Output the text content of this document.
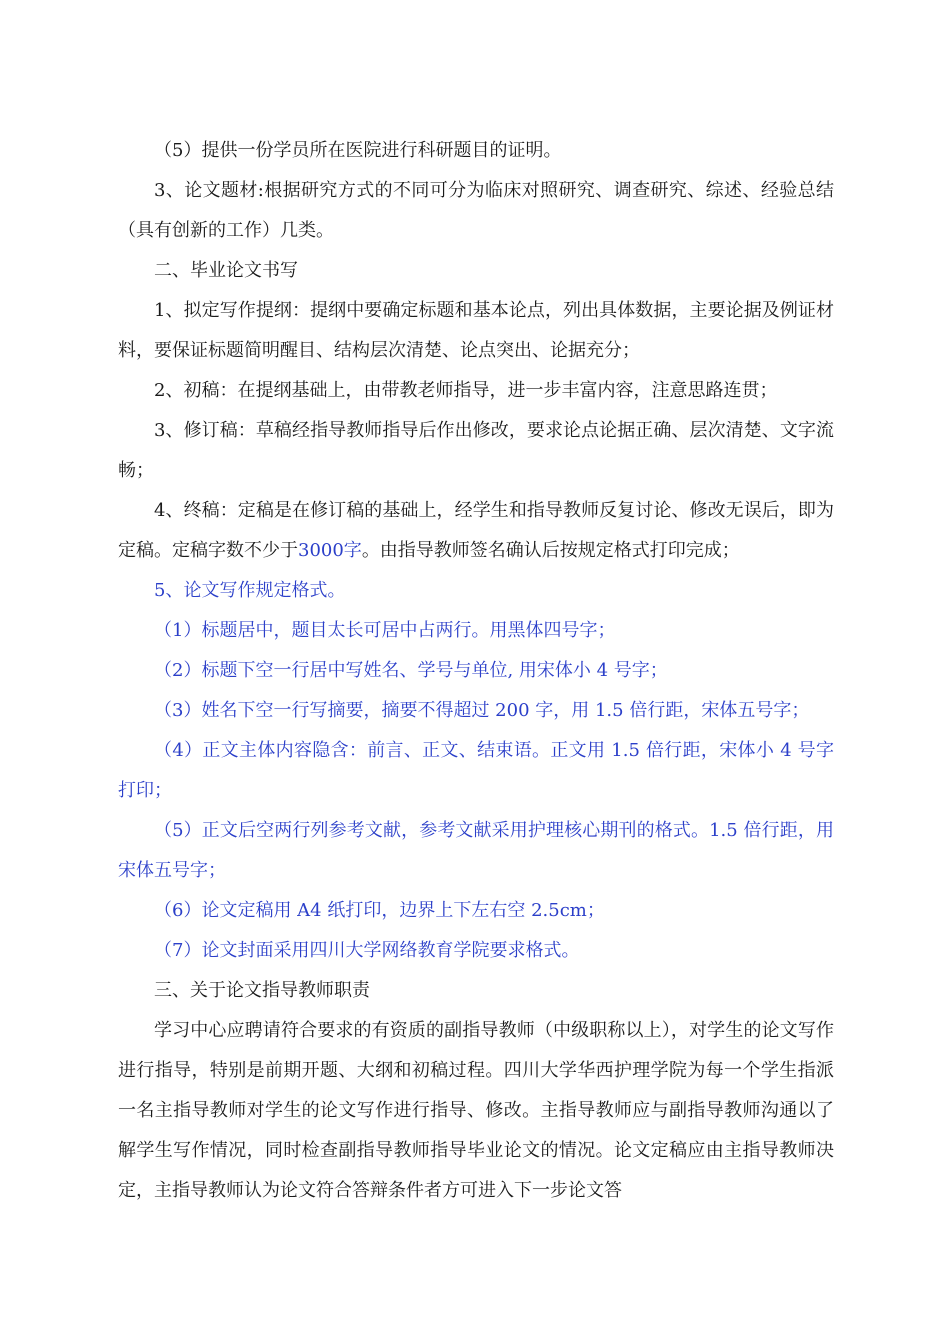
（5）提供一份学员所在医院进行科研题目的证明。

3、论文题材:根据研究方式的不同可分为临床对照研究、调查研究、综述、经验总结（具有创新的工作）几类。

二、毕业论文书写

1、拟定写作提纲：提纲中要确定标题和基本论点，列出具体数据，主要论据及例证材料，要保证标题简明醒目、结构层次清楚、论点突出、论据充分；

2、初稿：在提纲基础上，由带教老师指导，进一步丰富内容，注意思路连贯；

3、修订稿：草稿经指导教师指导后作出修改，要求论点论据正确、层次清楚、文字流畅；

4、终稿：定稿是在修订稿的基础上，经学生和指导教师反复讨论、修改无误后，即为定稿。定稿字数不少于3000字。由指导教师签名确认后按规定格式打印完成；

5、论文写作规定格式。

（1）标题居中，题目太长可居中占两行。用黑体四号字；

（2）标题下空一行居中写姓名、学号与单位, 用宋体小 4 号字；

（3）姓名下空一行写摘要，摘要不得超过 200 字，用 1.5 倍行距，宋体五号字；

（4）正文主体内容隐含：前言、正文、结束语。正文用 1.5 倍行距，宋体小 4 号字打印；

（5）正文后空两行列参考文献，参考文献采用护理核心期刊的格式。1.5 倍行距，用宋体五号字；

（6）论文定稿用 A4 纸打印，边界上下左右空 2.5cm；

（7）论文封面采用四川大学网络教育学院要求格式。

三、关于论文指导教师职责

学习中心应聘请符合要求的有资质的副指导教师（中级职称以上），对学生的论文写作进行指导，特别是前期开题、大纲和初稿过程。四川大学华西护理学院为每一个学生指派一名主指导教师对学生的论文写作进行指导、修改。主指导教师应与副指导教师沟通以了解学生写作情况，同时检查副指导教师指导毕业论文的情况。论文定稿应由主指导教师决定，主指导教师认为论文符合答辩条件者方可进入下一步论文答
